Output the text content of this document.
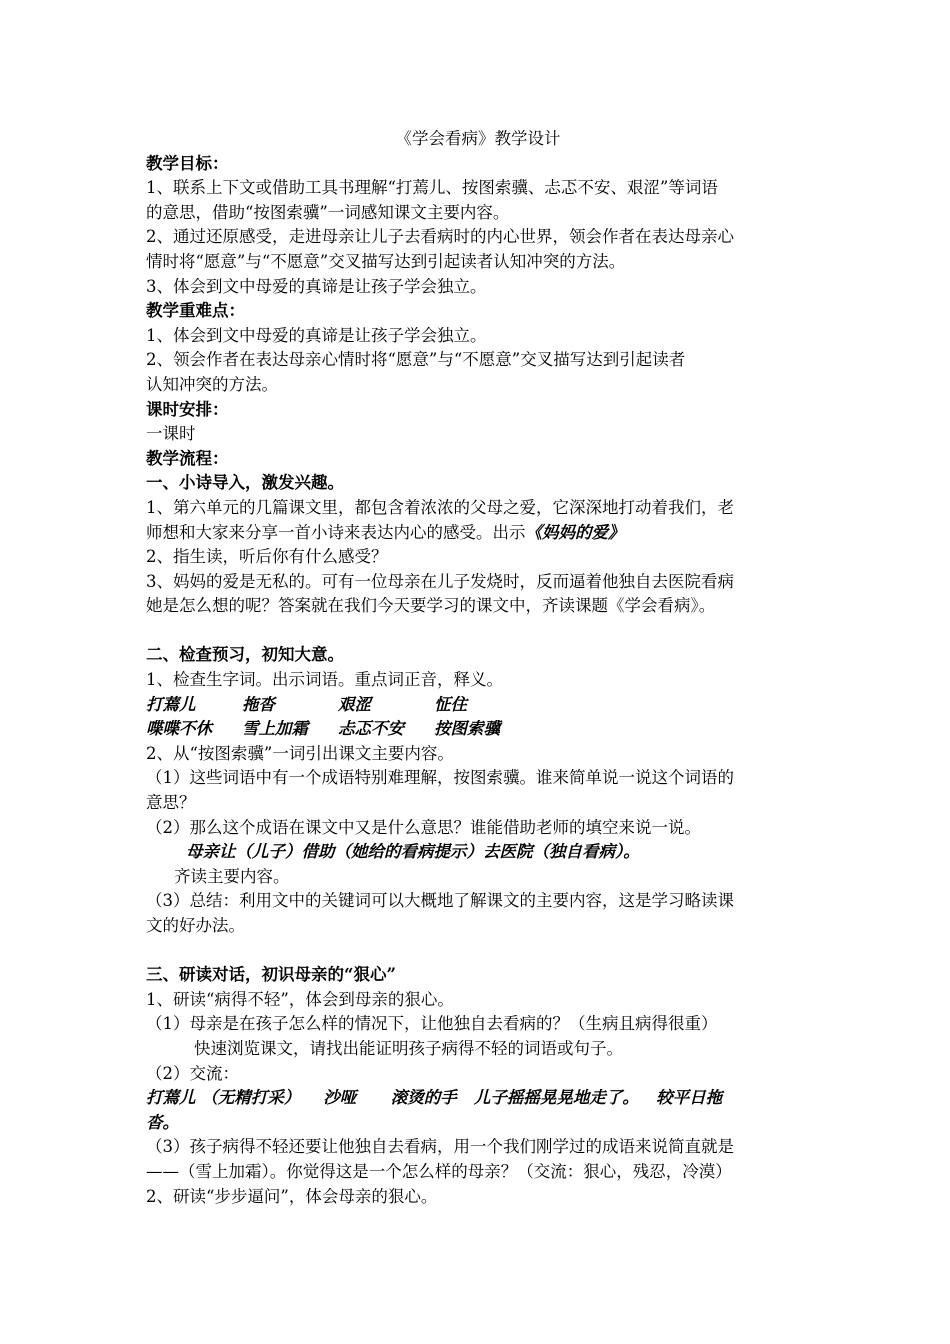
《学会看病》教学设计
教学目标：
1、联系上下文或借助工具书理解“打蔫儿、按图索骥、忐忑不安、艰涩”等词语
的意思，借助“按图索骥”一词感知课文主要内容。
2、通过还原感受，走进母亲让儿子去看病时的内心世界，领会作者在表达母亲心
情时将“愿意”与“不愿意”交叉描写达到引起读者认知冲突的方法。
3、体会到文中母爱的真谛是让孩子学会独立。
教学重难点：
1、体会到文中母爱的真谛是让孩子学会独立。
2、领会作者在表达母亲心情时将“愿意”与“不愿意”交叉描写达到引起读者
认知冲突的方法。
课时安排：
一课时
教学流程：
一、小诗导入，激发兴趣。
1、第六单元的几篇课文里，都包含着浓浓的父母之爱，它深深地打动着我们，老
师想和大家来分享一首小诗来表达内心的感受。出示《妈妈的爱》
2、指生读，听后你有什么感受？
3、妈妈的爱是无私的。可有一位母亲在儿子发烧时，反而逼着他独自去医院看病
她是怎么想的呢？答案就在我们今天要学习的课文中，齐读课题《学会看病》。
二、检查预习，初知大意。
1、检查生字词。出示词语。重点词正音，释义。
打蔫儿	拖沓	艰涩	怔住
喋喋不休 雪上加霜 忐忑不安 按图索骥
2、从“按图索骥”一词引出课文主要内容。
（1）这些词语中有一个成语特别难理解，按图索骥。谁来简单说一说这个词语的
意思？
（2）那么这个成语在课文中又是什么意思？谁能借助老师的填空来说一说。
母亲让（儿子）借助（她给的看病提示）去医院（独自看病）。
齐读主要内容。
（3）总结：利用文中的关键词可以大概地了解课文的主要内容，这是学习略读课
文的好办法。
三、研读对话，初识母亲的“狠心”
1、研读“病得不轻”，体会到母亲的狠心。
（1）母亲是在孩子怎么样的情况下，让他独自去看病的？（生病且病得很重）
快速浏览课文，请找出能证明孩子病得不轻的词语或句子。
（2）交流：
打蔫儿 （无精打采）    沙哑      滚烫的手   儿子摇摇晃晃地走了。   较平日拖
沓。
（3）孩子病得不轻还要让他独自去看病，用一个我们刚学过的成语来说简直就是
——（雪上加霜）。你觉得这是一个怎么样的母亲？（交流：狠心，残忍，冷漠）
2、研读“步步逼问”，体会母亲的狠心。
